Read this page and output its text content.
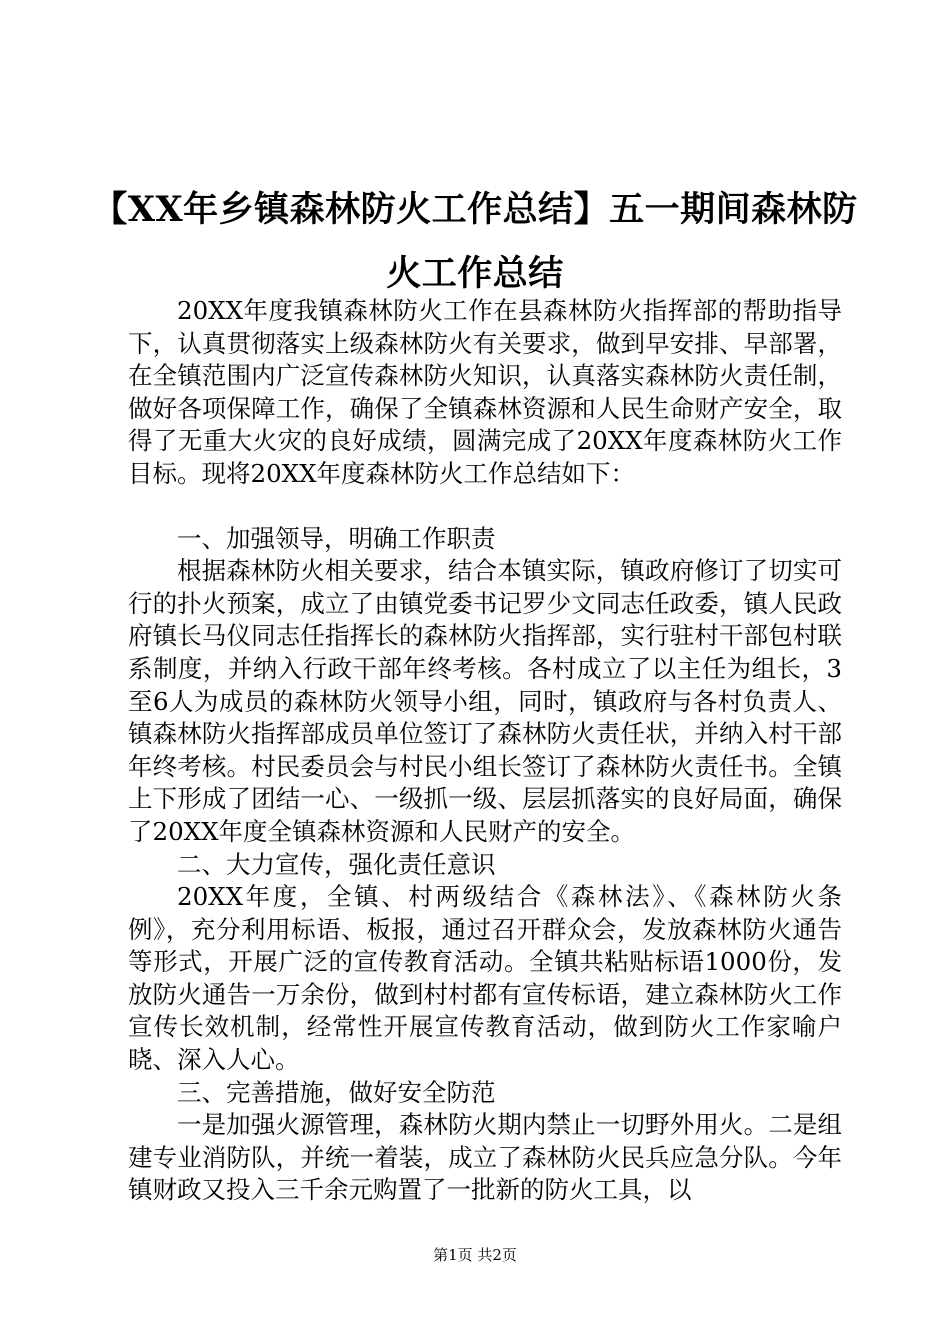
【XX年乡镇森林防火工作总结】五一期间森林防火工作总结

20XX年度我镇森林防火工作在县森林防火指挥部的帮助指导下，认真贯彻落实上级森林防火有关要求，做到早安排、早部署，在全镇范围内广泛宣传森林防火知识，认真落实森林防火责任制，做好各项保障工作，确保了全镇森林资源和人民生命财产安全，取得了无重大火灾的良好成绩，圆满完成了20XX年度森林防火工作目标。现将20XX年度森林防火工作总结如下：

一、加强领导，明确工作职责

根据森林防火相关要求，结合本镇实际，镇政府修订了切实可行的扑火预案，成立了由镇党委书记罗少文同志任政委，镇人民政府镇长马仪同志任指挥长的森林防火指挥部，实行驻村干部包村联系制度，并纳入行政干部年终考核。各村成立了以主任为组长，3至6人为成员的森林防火领导小组，同时，镇政府与各村负责人、镇森林防火指挥部成员单位签订了森林防火责任状，并纳入村干部年终考核。村民委员会与村民小组长签订了森林防火责任书。全镇上下形成了团结一心、一级抓一级、层层抓落实的良好局面，确保了20XX年度全镇森林资源和人民财产的安全。

二、大力宣传，强化责任意识

20XX年度，全镇、村两级结合《森林法》、《森林防火条例》，充分利用标语、板报，通过召开群众会，发放森林防火通告等形式，开展广泛的宣传教育活动。全镇共粘贴标语1000份，发放防火通告一万余份，做到村村都有宣传标语，建立森林防火工作宣传长效机制，经常性开展宣传教育活动，做到防火工作家喻户晓、深入人心。

三、完善措施，做好安全防范

一是加强火源管理，森林防火期内禁止一切野外用火。二是组建专业消防队，并统一着装，成立了森林防火民兵应急分队。今年镇财政又投入三千余元购置了一批新的防火工具，以

第1页 共2页
